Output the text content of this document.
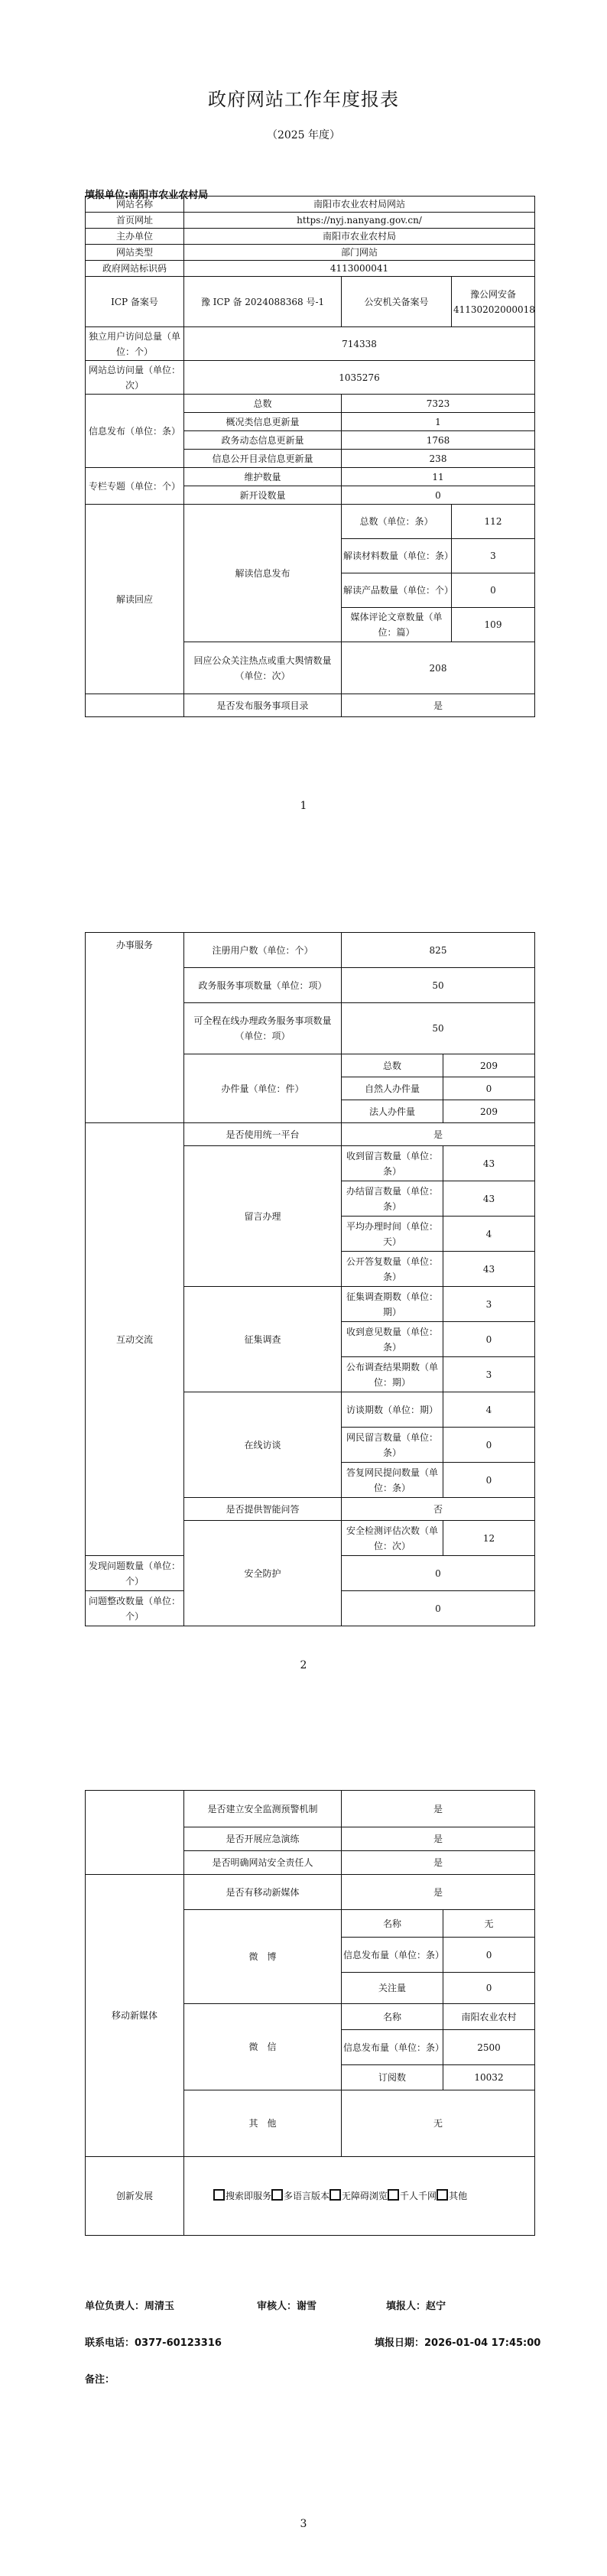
政府网站工作年度报表
（2025 年度）
填报单位:南阳市农业农村局
网站名称	南阳市农业农村局网站		
首页网址	https://nyj.nanyang.gov.cn/		
主办单位	南阳市农业农村局		
网站类型	部门网站		
政府网站标识码	4113000041		
ICP 备案号	豫 ICP 备 2024088368 号-1	公安机关备案号	豫公网安备 41130202000018
独立用户访问总量（单位：个）	714338		
网站总访问量（单位：次）	1035276		
信息发布（单位：条）	总数	7323	
	概况类信息更新量	1	
	政务动态信息更新量	1768	
	信息公开目录信息更新量	238	
专栏专题（单位：个）	维护数量	11	
	新开设数量	0	
解读回应	解读信息发布	总数（单位：条）	112
		解读材料数量（单位：条）	3
		解读产品数量（单位：个）	0
		媒体评论文章数量（单位：篇）	109
	回应公众关注热点或重大舆情数量（单位：次）	208	
	是否发布服务事项目录	是	
1
办事服务	注册用户数（单位：个）	825	
	政务服务事项数量（单位：项）	50	
	可全程在线办理政务服务事项数量（单位：项）	50	
	办件量（单位：件）	总数	209
		自然人办件量	0
		法人办件量	209
互动交流	是否使用统一平台	是	
	留言办理	收到留言数量（单位：条）	43
		办结留言数量（单位：条）	43
		平均办理时间（单位：天）	4
		公开答复数量（单位：条）	43
	征集调查	征集调查期数（单位：期）	3
		收到意见数量（单位：条）	0
		公布调查结果期数（单位：期）	3
	在线访谈	访谈期数（单位：期）	4
		网民留言数量（单位：条）	0
		答复网民提问数量（单位：条）	0
	是否提供智能问答	否	
	安全防护	安全检测评估次数（单位：次）	12
发现问题数量（单位：个）		0	
问题整改数量（单位：个）		0	
2
	是否建立安全监测预警机制	是	
	是否开展应急演练	是	
	是否明确网站安全责任人	是	
移动新媒体	是否有移动新媒体	是	
	微　博	名称	无
		信息发布量（单位：条）	0
		关注量	0
	微　信	名称	南阳农业农村
		信息发布量（单位：条）	2500
		订阅数	10032
	其　他	无	
创新发展	搜索即服务 多语言版本 无障碍浏览 千人千网 其他		
单位负责人：周清玉	审核人：谢雪	填报人：赵宁
联系电话：0377-60123316	填报日期：2026-01-04 17:45:00
备注：
3
